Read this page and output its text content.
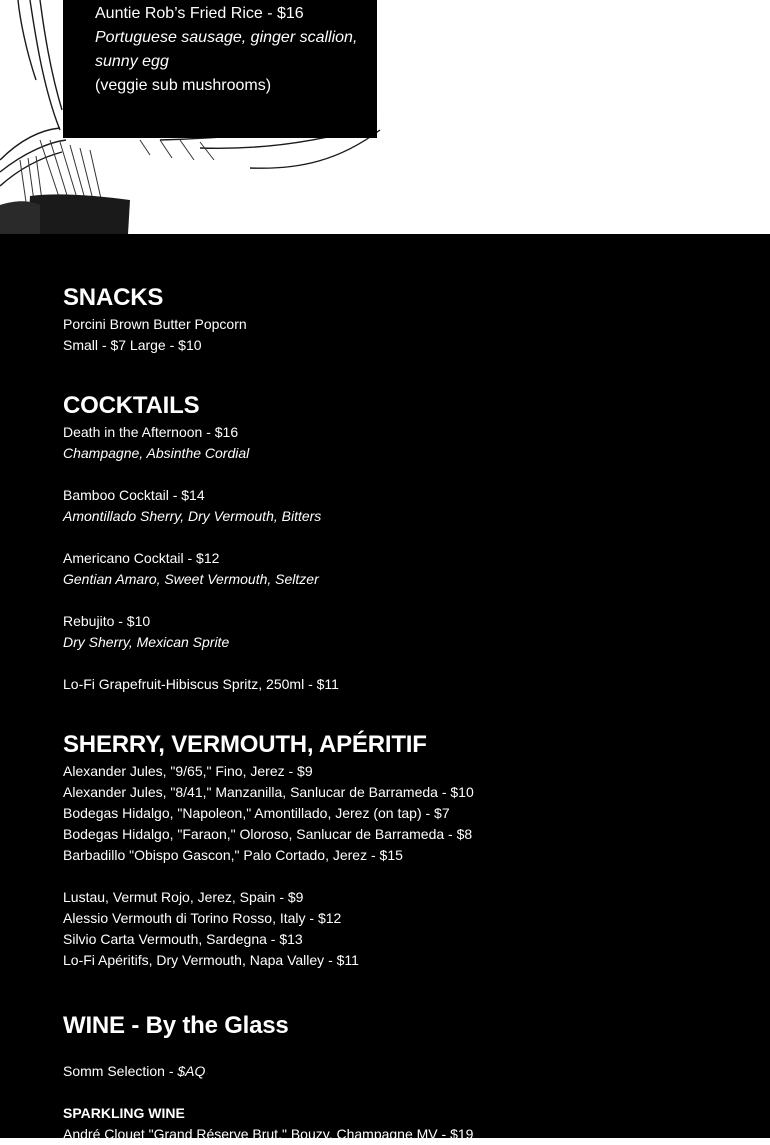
Auntie Rob’s Fried Rice - $16
Portuguese sausage, ginger scallion, sunny egg
(veggie sub mushrooms)
SNACKS
Porcini Brown Butter Popcorn
Small - $7 Large - $10
COCKTAILS
Death in the Afternoon - $16
Champagne, Absinthe Cordial
Bamboo Cocktail - $14
Amontillado Sherry, Dry Vermouth, Bitters
Americano Cocktail - $12
Gentian Amaro, Sweet Vermouth, Seltzer
Rebujito - $10
Dry Sherry, Mexican Sprite
Lo-Fi Grapefruit-Hibiscus Spritz, 250ml - $11
SHERRY, VERMOUTH, APÉRITIF
Alexander Jules, "9/65," Fino, Jerez - $9
Alexander Jules, "8/41," Manzanilla, Sanlucar de Barrameda - $10
Bodegas Hidalgo, "Napoleon," Amontillado, Jerez (on tap) - $7
Bodegas Hidalgo, "Faraon," Oloroso, Sanlucar de Barrameda - $8
Barbadillo "Obispo Gascon," Palo Cortado, Jerez - $15
Lustau, Vermut Rojo, Jerez, Spain - $9
Alessio Vermouth di Torino Rosso, Italy - $12
Silvio Carta Vermouth, Sardegna - $13
Lo-Fi Apéritifs, Dry Vermouth, Napa Valley - $11
WINE - By the Glass
Somm Selection - $AQ
SPARKLING WINE
André Clouet "Grand Réserve Brut," Bouzy, Champagne MV - $19
